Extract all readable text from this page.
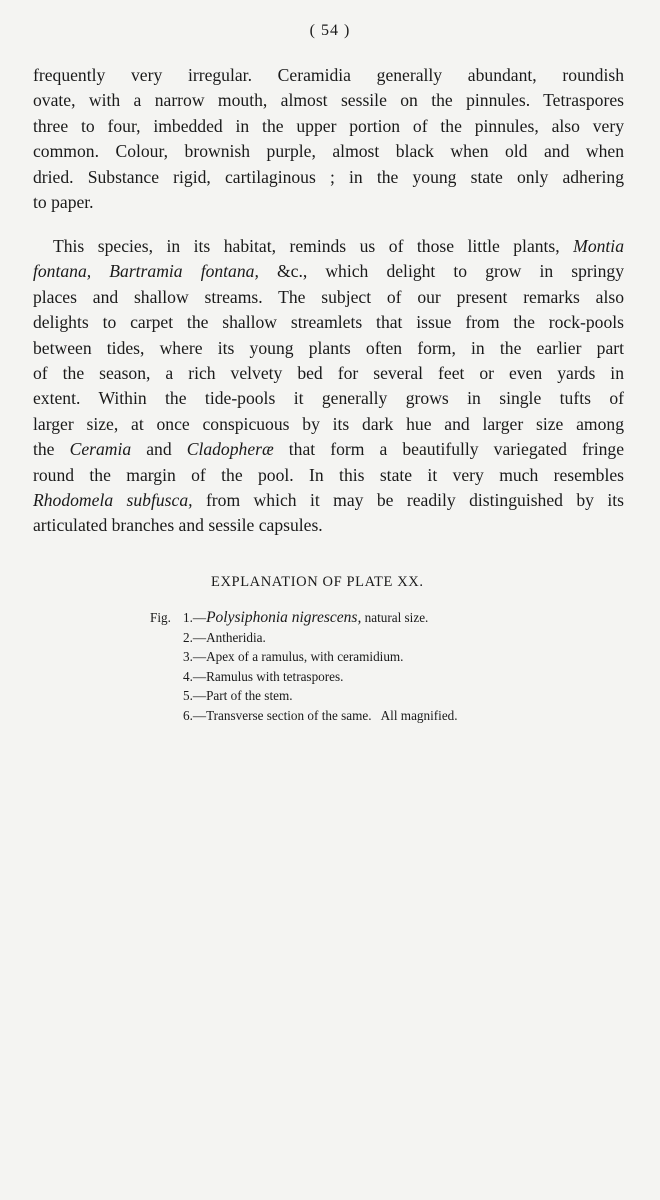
( 54 )

frequently very irregular. Ceramidia generally abundant, roundish
ovate, with a narrow mouth, almost sessile on the pinnules. Tetraspores
three to four, imbedded in the upper portion of the pinnules, also very
common. Colour, brownish purple, almost black when old and when
dried. Substance rigid, cartilaginous ; in the young state only adhering
to paper.

This species, in its habitat, reminds us of those little plants, Montia
fontana, Bartramia fontana, &c., which delight to grow in springy
places and shallow streams. The subject of our present remarks also
delights to carpet the shallow streamlets that issue from the rock-pools
between tides, where its young plants often form, in the earlier part
of the season, a rich velvety bed for several feet or even yards in
extent. Within the tide-pools it generally grows in single tufts of
larger size, at once conspicuous by its dark hue and larger size among
the Ceramia and Cladopheræ that form a beautifully variegated fringe
round the margin of the pool. In this state it very much resembles
Rhodomela subfusca, from which it may be readily distinguished by its
articulated branches and sessile capsules.

EXPLANATION OF PLATE XX.
Fig. 1.—Polysiphonia nigrescens, natural size.
2.—Antheridia.
3.—Apex of a ramulus, with ceramidium.
4.—Ramulus with tetraspores.
5.—Part of the stem.
6.—Transverse section of the same.   All magnified.
